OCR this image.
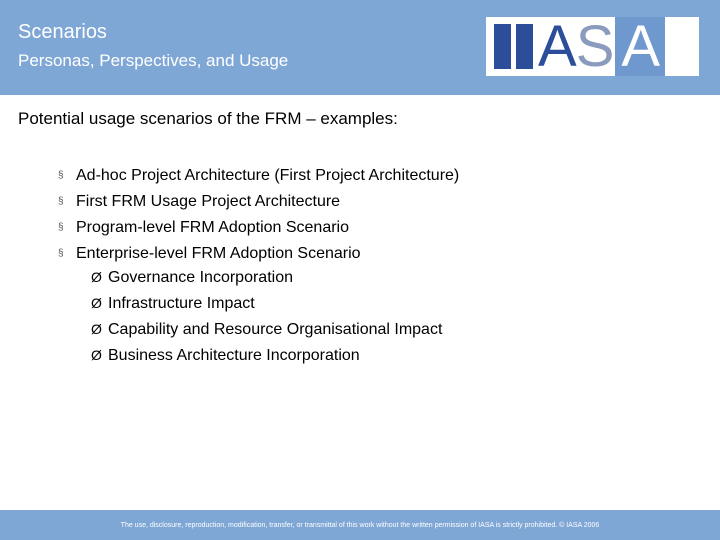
Scenarios
Personas, Perspectives, and Usage	A S A
Potential usage scenarios of the FRM – examples:
§ Ad-hoc Project Architecture (First Project Architecture)
§ First FRM Usage Project Architecture
§ Program-level FRM Adoption Scenario
§ Enterprise-level FRM Adoption Scenario
Ø Governance Incorporation
Ø Infrastructure Impact
Ø Capability and Resource Organisational Impact
Ø Business Architecture Incorporation
The use, disclosure, reproduction, modification, transfer, or transmittal of this work without the written permission of IASA is strictly prohibited. © IASA 2006
